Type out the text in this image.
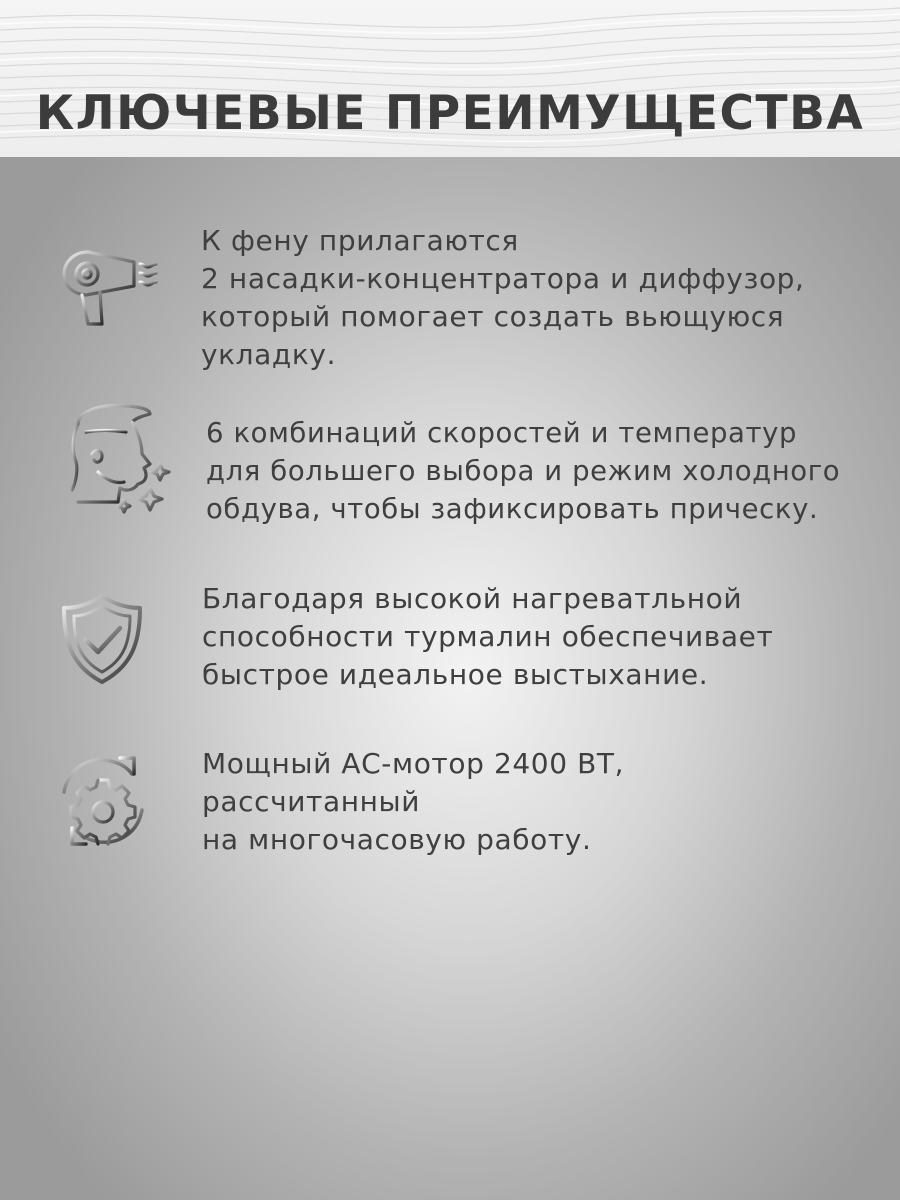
КЛЮЧЕВЫЕ ПРЕИМУЩЕСТВА

К фену прилагаются
2 насадки-концентратора и диффузор,
который помогает создать вьющуюся
укладку.

6 комбинаций скоростей и температур
для большего выбора и режим холодного
обдува, чтобы зафиксировать прическу.

Благодаря высокой нагреватльной
способности турмалин обеспечивает
быстрое идеальное выстыхание.

Мощный АС-мотор 2400 ВТ,
рассчитанный
на многочасовую работу.
